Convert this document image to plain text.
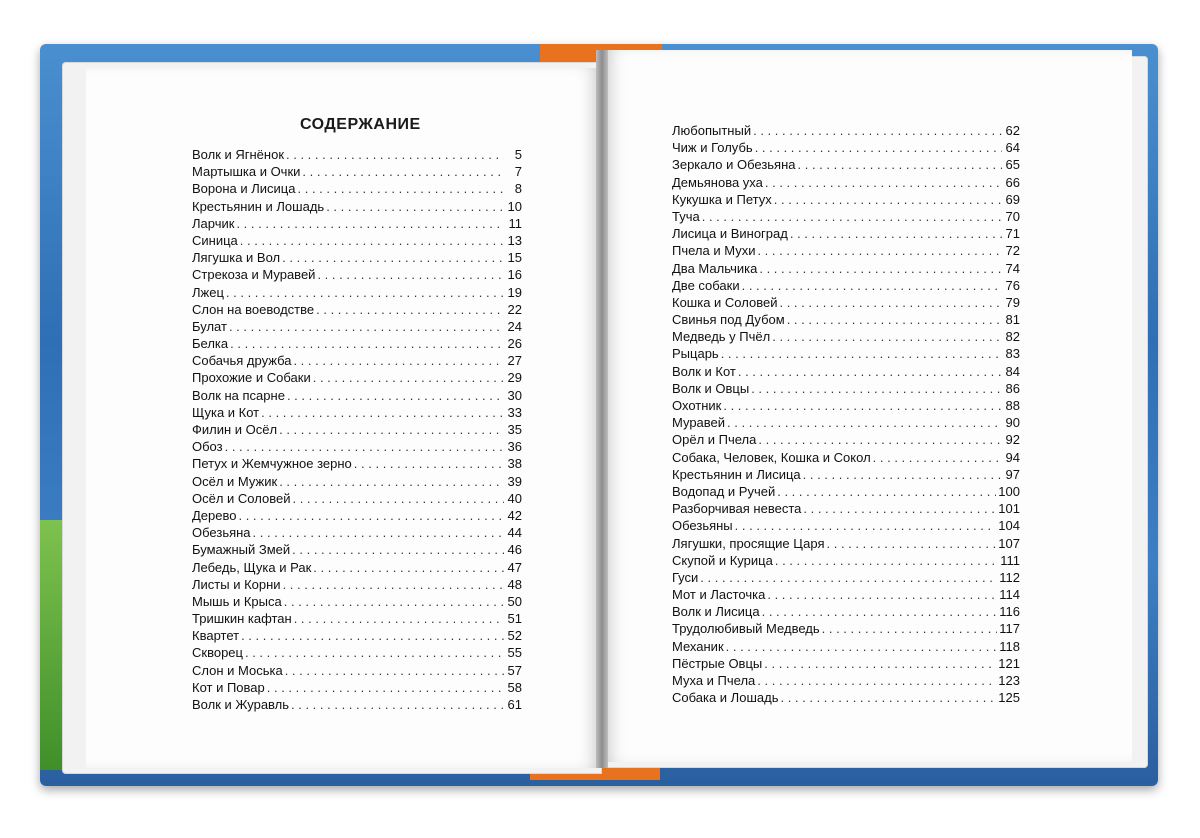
СОДЕРЖАНИЕ
Волк и Ягнёнок . . .	5
Мартышка и Очки . . .	7
Ворона и Лисица . . .	8
Крестьянин и Лошадь . . .	10
Ларчик . . .	11
Синица . . .	13
Лягушка и Вол . . .	15
Стрекоза и Муравей . . .	16
Лжец . . .	19
Слон на воеводстве . . .	22
Булат . . .	24
Белка . . .	26
Собачья дружба . . .	27
Прохожие и Собаки . . .	29
Волк на псарне . . .	30
Щука и Кот . . .	33
Филин и Осёл . . .	35
Обоз . . .	36
Петух и Жемчужное зерно . . .	38
Осёл и Мужик . . .	39
Осёл и Соловей . . .	40
Дерево . . .	42
Обезьяна . . .	44
Бумажный Змей . . .	46
Лебедь, Щука и Рак . . .	47
Листы и Корни . . .	48
Мышь и Крыса . . .	50
Тришкин кафтан . . .	51
Квартет . . .	52
Скворец . . .	55
Слон и Моська . . .	57
Кот и Повар . . .	58
Волк и Журавль . . .	61
Любопытный . . .	62
Чиж и Голубь . . .	64
Зеркало и Обезьяна . . .	65
Демьянова уха . . .	66
Кукушка и Петух . . .	69
Туча . . .	70
Лисица и Виноград . . .	71
Пчела и Мухи . . .	72
Два Мальчика . . .	74
Две собаки . . .	76
Кошка и Соловей . . .	79
Свинья под Дубом . . .	81
Медведь у Пчёл . . .	82
Рыцарь . . .	83
Волк и Кот . . .	84
Волк и Овцы . . .	86
Охотник . . .	88
Муравей . . .	90
Орёл и Пчела . . .	92
Собака, Человек, Кошка и Сокол . . .	94
Крестьянин и Лисица . . .	97
Водопад и Ручей . . .	100
Разборчивая невеста . . .	101
Обезьяны . . .	104
Лягушки, просящие Царя . . .	107
Скупой и Курица . . .	111
Гуси . . .	112
Мот и Ласточка . . .	114
Волк и Лисица . . .	116
Трудолюбивый Медведь . . .	117
Механик . . .	118
Пёстрые Овцы . . .	121
Муха и Пчела . . .	123
Собака и Лошадь . . .	125
